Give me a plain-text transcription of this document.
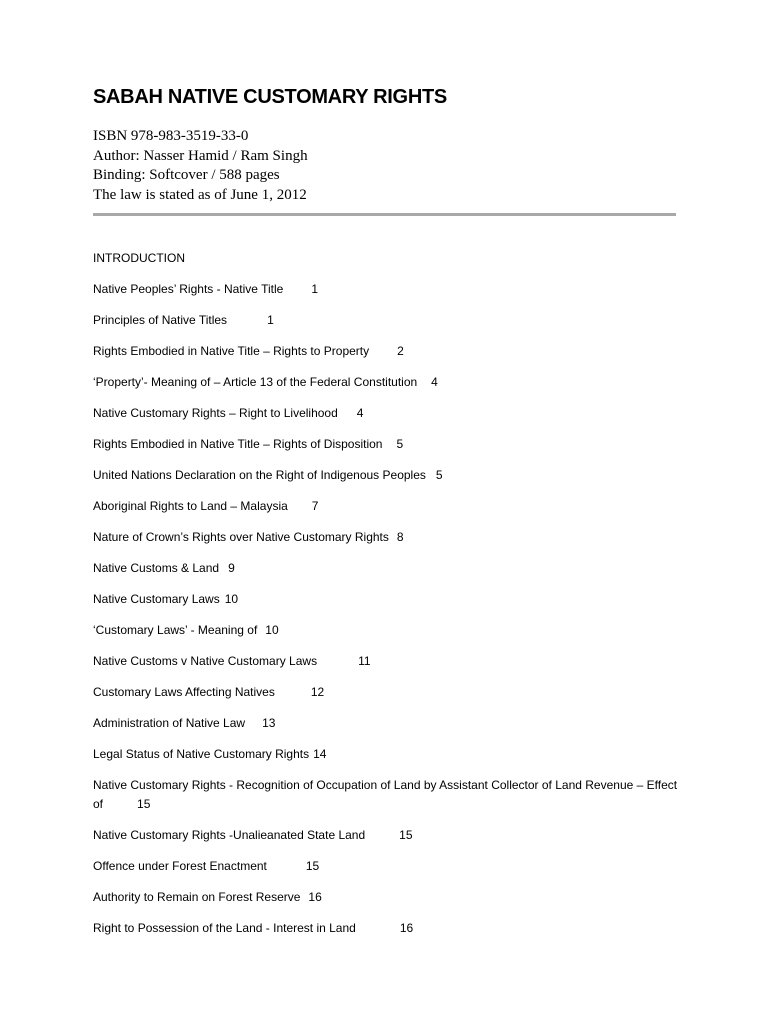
SABAH NATIVE CUSTOMARY RIGHTS
ISBN 978-983-3519-33-0
Author: Nasser Hamid / Ram Singh
Binding: Softcover / 588 pages
The law is stated as of June 1, 2012
INTRODUCTION
Native Peoples’ Rights - Native Title 1
Principles of Native Titles	1
Rights Embodied in Native Title – Rights to Property 2
‘Property’- Meaning of – Article 13 of the Federal Constitution 4
Native Customary Rights – Right to Livelihood 4
Rights Embodied in Native Title – Rights of Disposition 5
United Nations Declaration on the Right of Indigenous Peoples 5
Aboriginal Rights to Land – Malaysia 7
Nature of Crown’s Rights over Native Customary Rights 8
Native Customs & Land 9
Native Customary Laws 10
‘Customary Laws’ - Meaning of 10
Native Customs v Native Customary Laws	11
Customary Laws Affecting Natives	12
Administration of Native Law 13
Legal Status of Native Customary Rights 14
Native Customary Rights - Recognition of Occupation of Land by Assistant Collector of Land Revenue – Effect of	15
Native Customary Rights -Unalieanated State Land	15
Offence under Forest Enactment	15
Authority to Remain on Forest Reserve 16
Right to Possession of the Land - Interest in Land	16
